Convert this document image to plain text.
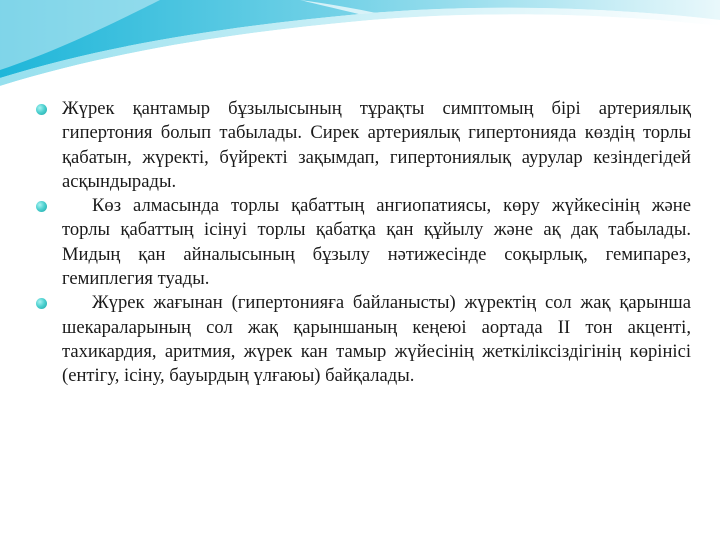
Жүрек қантамыр бұзылысының тұрақты симптомың бірі артериялық гипертония болып табылады. Сирек артериялық гипертонияда көздің торлы қабатын, жүректі, бүйректі зақымдап, гипертониялық аурулар кезіндегідей асқындырады.
Көз алмасында торлы қабаттың ангиопатиясы, көру жүйкесінің және торлы қабаттың ісінуі торлы қабатқа қан құйылу және ақ дақ табылады. Мидың қан айналысының бұзылу нәтижесінде соқырлық, гемипарез, гемиплегия туады.
Жүрек жағынан (гипертонияға байланысты) жүректің сол жақ қарынша шекараларының сол жақ қарыншаның кеңеюі аортада II тон акценті, тахикардия, аритмия, жүрек кан тамыр жүйесінің жеткіліксіздігінің көрінісі (ентігу, ісіну, бауырдың үлғаюы) байқалады.
